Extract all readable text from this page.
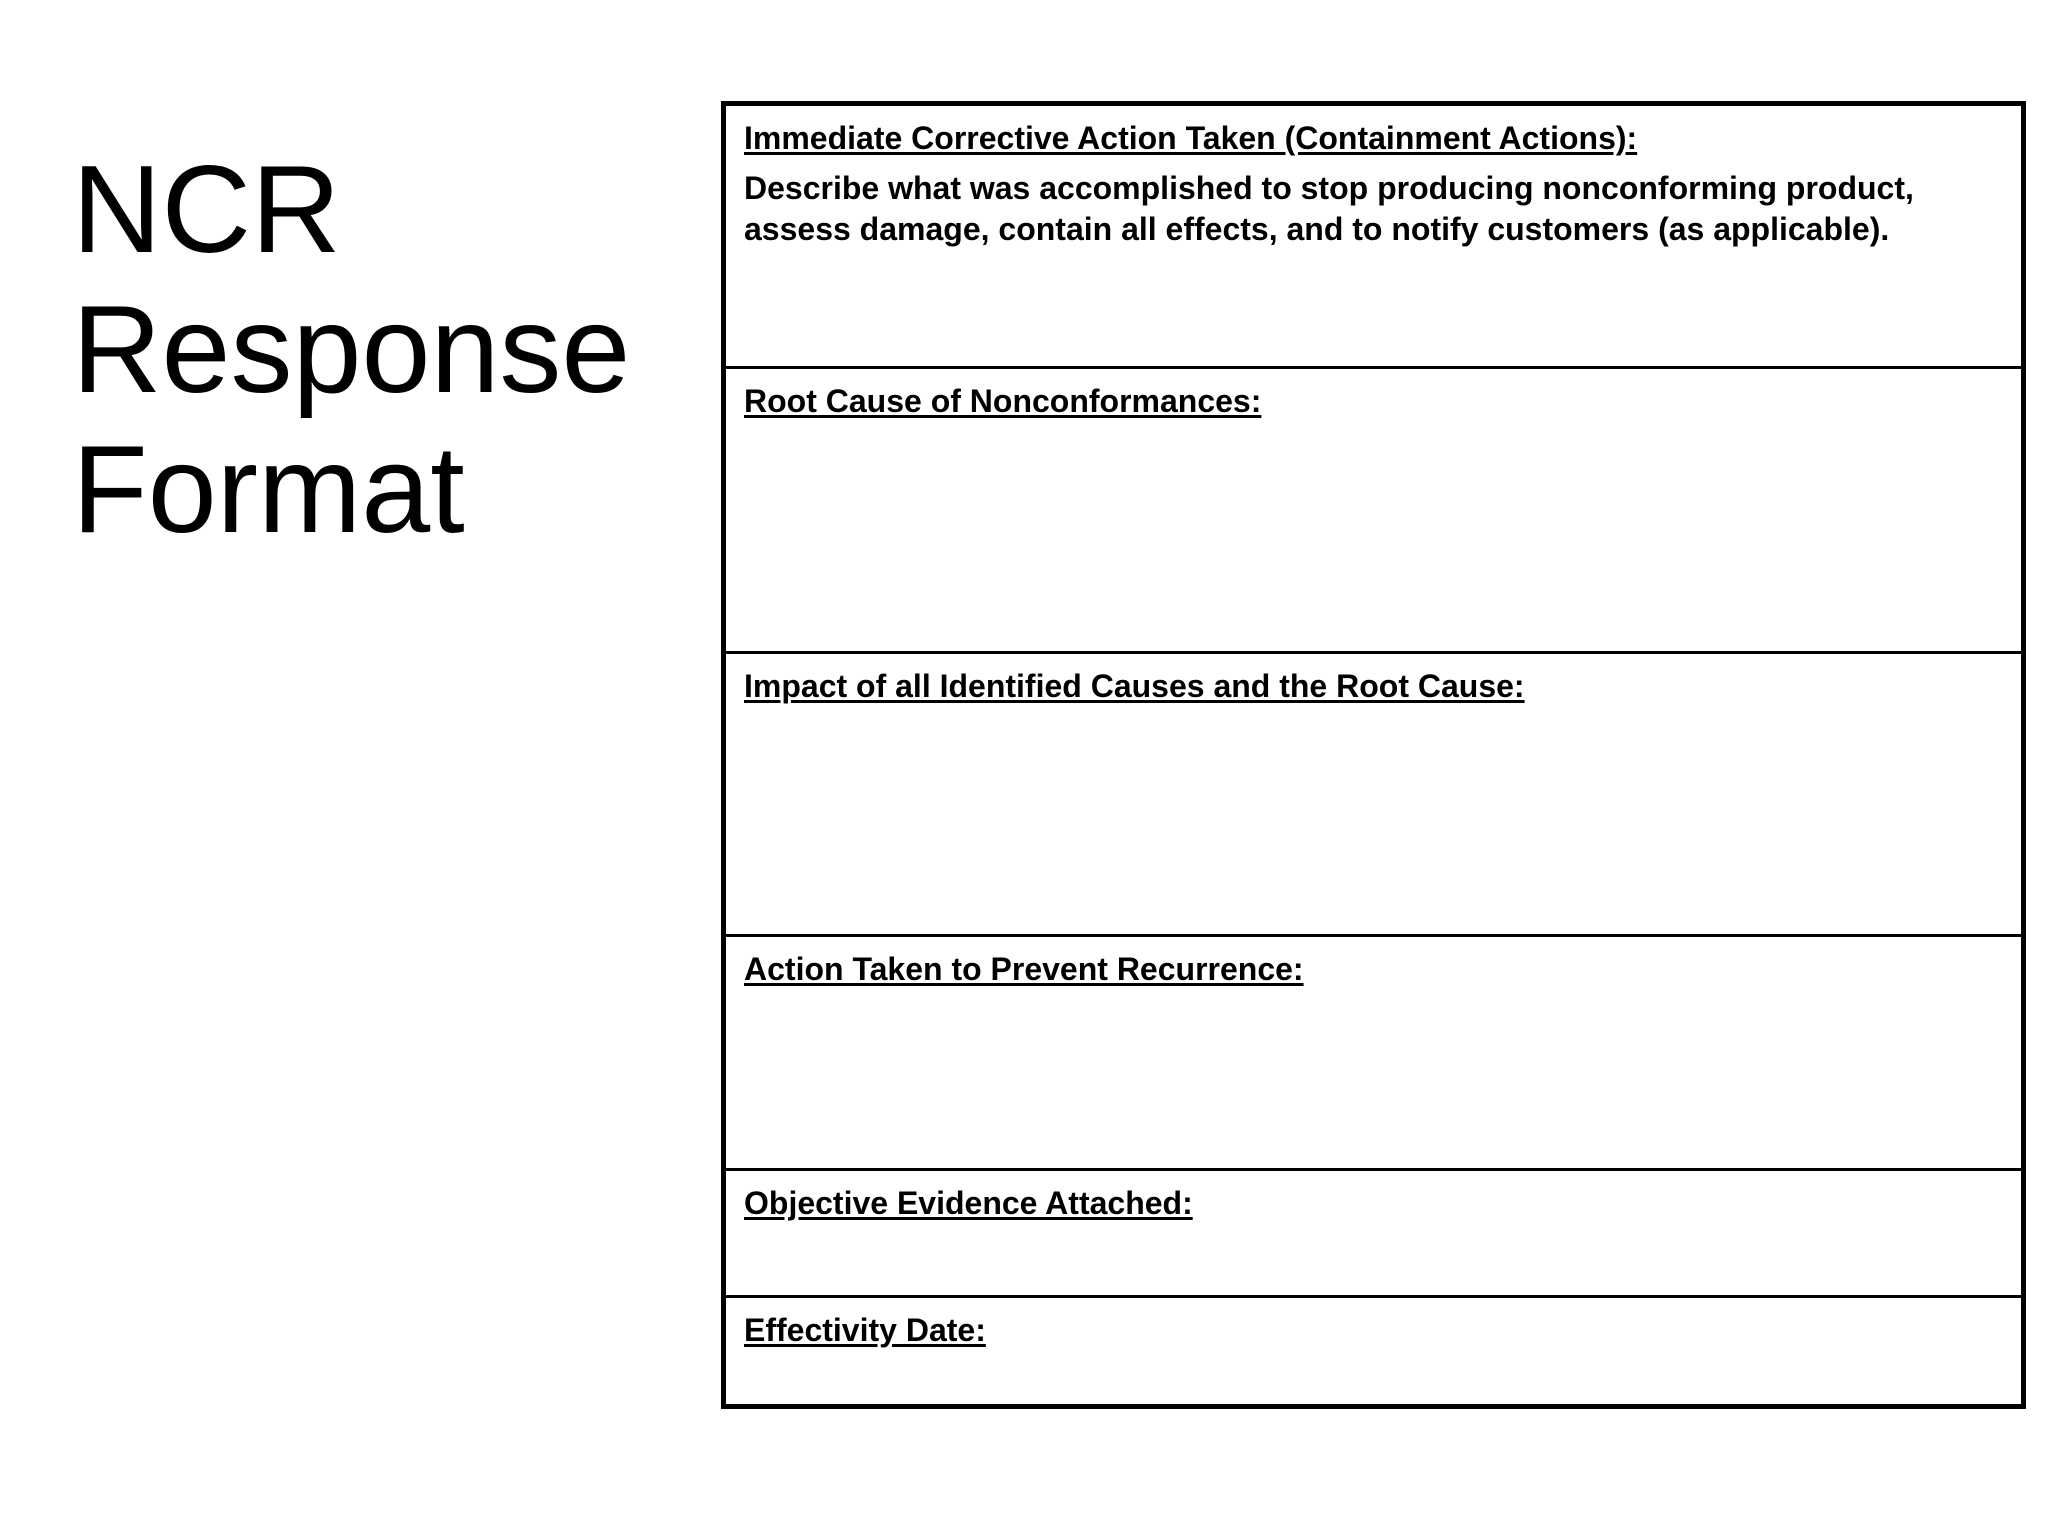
NCR
Response
Format

Immediate Corrective Action Taken (Containment Actions):

Describe what was accomplished to stop producing nonconforming product,
assess damage, contain all effects, and to notify customers (as applicable).

Root Cause of Nonconformances:

Impact of all Identified Causes and the Root Cause:

Action Taken to Prevent Recurrence:

Objective Evidence Attached:

Effectivity Date:
